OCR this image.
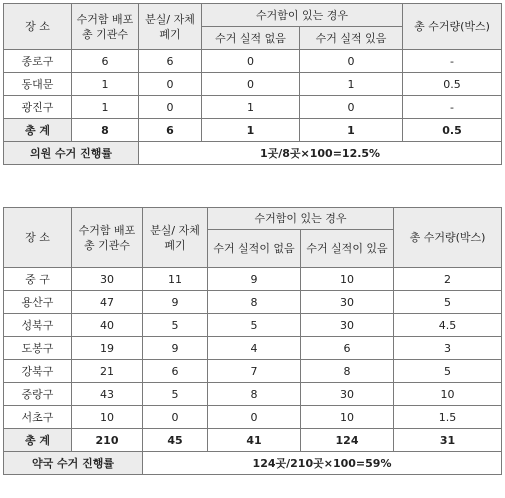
장 소	수거함 배포 총 기관수	분실/ 자체폐기	수거함이 있는 경우		총 수거량(박스)
			수거 실적 없음	수거 실적 있음	
종로구	6	6	0	0	-
동대문	1	0	0	1	0.5
광진구	1	0	1	0	-
총 계	8	6	1	1	0.5
의원 수거 진행률		1곳/8곳×100=12.5%			
장 소	수거함 배포 총 기관수	분실/ 자체 폐기	수거함이 있는 경우		총 수거량(박스)
			수거 실적이 없음	수거 실적이 있음	
중 구	30	11	9	10	2
용산구	47	9	8	30	5
성북구	40	5	5	30	4.5
도봉구	19	9	4	6	3
강북구	21	6	7	8	5
중랑구	43	5	8	30	10
서초구	10	0	0	10	1.5
총 계	210	45	41	124	31
약국 수거 진행률		124곳/210곳×100=59%			
